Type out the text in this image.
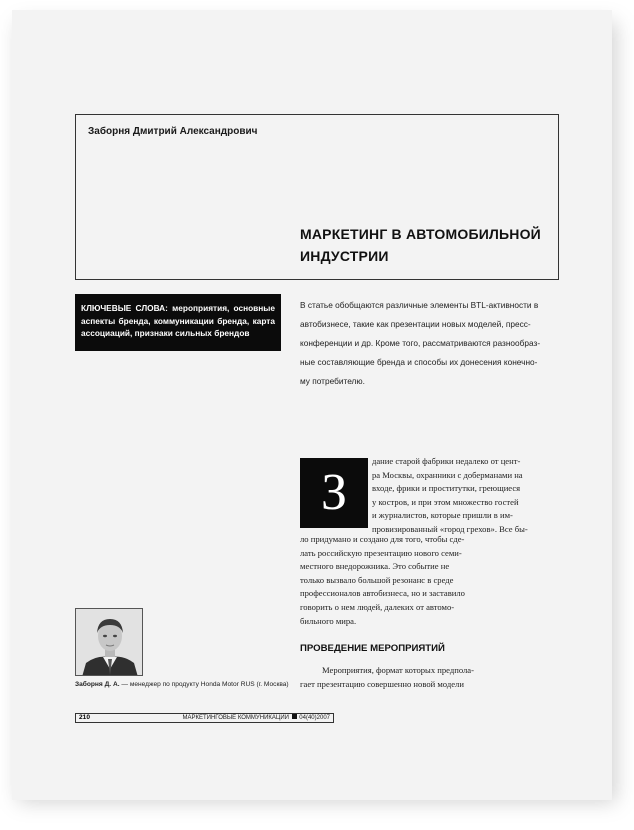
Заборня Дмитрий Александрович
МАРКЕТИНГ В АВТОМОБИЛЬНОЙ
ИНДУСТРИИ
КЛЮЧЕВЫЕ СЛОВА: мероприятия, основные аспекты бренда, коммуникации бренда, карта ассоциаций, признаки сильных брендов
В статье обобщаются различные элементы BTL-активности в
автобизнесе, такие как презентации новых моделей, пресс-
конференции и др. Кроме того, рассматриваются разнообраз-
ные составляющие бренда и способы их донесения конечно-
му потребителю.
З
дание старой фабрики недалеко от цент-
ра Москвы, охранники с доберманами на
входе, фрики и проститутки, греющиеся
у костров, и при этом множество гостей
и журналистов, которые пришли в им-
провизированный «город грехов». Все бы-
ло придумано и создано для того, чтобы сде-
лать российскую презентацию нового семи-
местного внедорожника. Это событие не
только вызвало большой резонанс в среде
профессионалов автобизнеса, но и заставило
говорить о нем людей, далеких от автомо-
бильного мира.
ПРОВЕДЕНИЕ МЕРОПРИЯТИЙ
Мероприятия, формат которых предпола-
гает презентацию совершенно новой модели
Заборня Д. А. — менеджер по продукту Honda Motor RUS (г. Москва)
210	МАРКЕТИНГОВЫЕ КОММУНИКАЦИИ 04(40)2007
